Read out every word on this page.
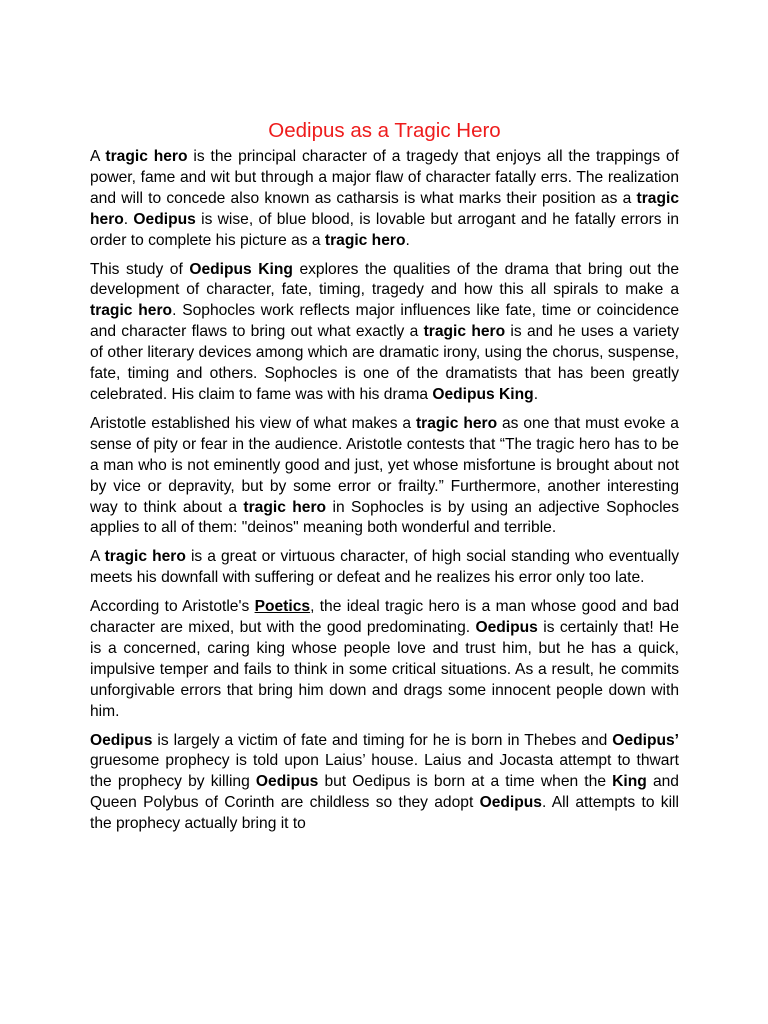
Oedipus as a Tragic Hero

A tragic hero is the principal character of a tragedy that enjoys all the trappings of power, fame and wit but through a major flaw of character fatally errs. The realization and will to concede also known as catharsis is what marks their position as a tragic hero. Oedipus is wise, of blue blood, is lovable but arrogant and he fatally errors in order to complete his picture as a tragic hero.

This study of Oedipus King explores the qualities of the drama that bring out the development of character, fate, timing, tragedy and how this all spirals to make a tragic hero. Sophocles work reflects major influences like fate, time or coincidence and character flaws to bring out what exactly a tragic hero is and he uses a variety of other literary devices among which are dramatic irony, using the chorus, suspense, fate, timing and others. Sophocles is one of the dramatists that has been greatly celebrated. His claim to fame was with his drama Oedipus King.

Aristotle established his view of what makes a tragic hero as one that must evoke a sense of pity or fear in the audience. Aristotle contests that “The tragic hero has to be a man who is not eminently good and just, yet whose misfortune is brought about not by vice or depravity, but by some error or frailty.” Furthermore, another interesting way to think about a tragic hero in Sophocles is by using an adjective Sophocles applies to all of them: "deinos" meaning both wonderful and terrible.

A tragic hero is a great or virtuous character, of high social standing who eventually meets his downfall with suffering or defeat and he realizes his error only too late.

According to Aristotle's Poetics, the ideal tragic hero is a man whose good and bad character are mixed, but with the good predominating. Oedipus is certainly that! He is a concerned, caring king whose people love and trust him, but he has a quick, impulsive temper and fails to think in some critical situations. As a result, he commits unforgivable errors that bring him down and drags some innocent people down with him.

Oedipus is largely a victim of fate and timing for he is born in Thebes and Oedipus’ gruesome prophecy is told upon Laius’ house. Laius and Jocasta attempt to thwart the prophecy by killing Oedipus but Oedipus is born at a time when the King and Queen Polybus of Corinth are childless so they adopt Oedipus. All attempts to kill the prophecy actually bring it to
